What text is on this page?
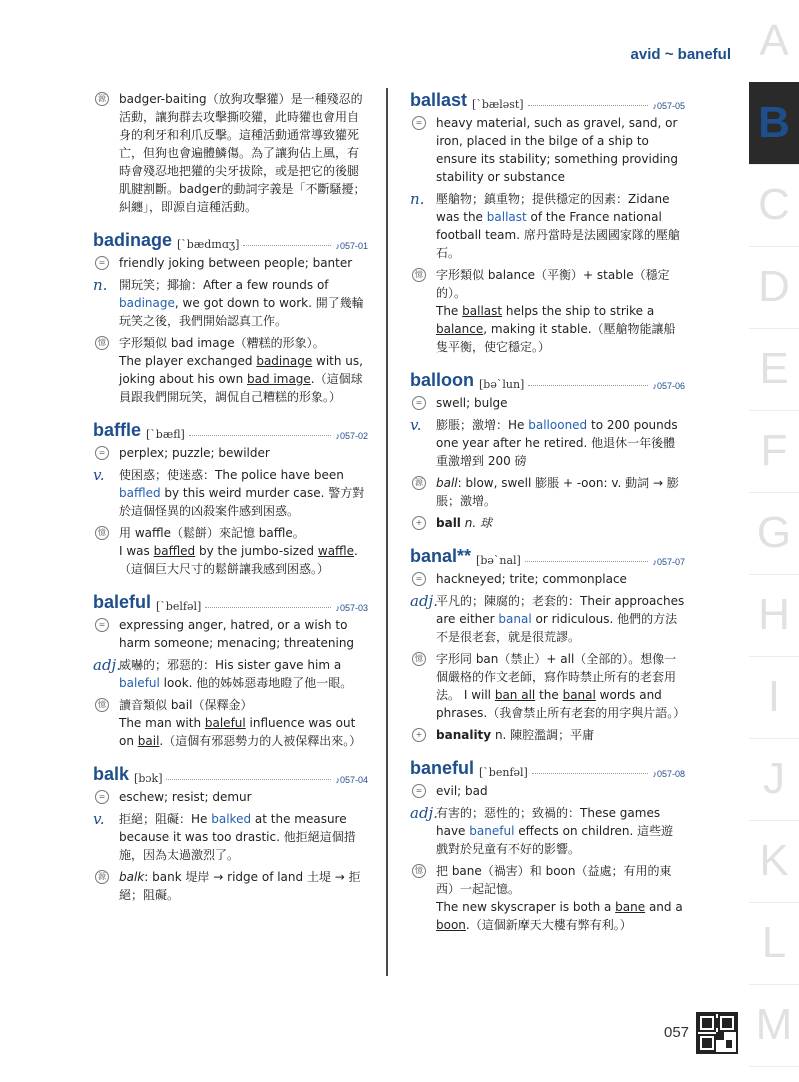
avid ~ baneful
源 badger-baiting（放狗攻擊獾）是一種殘忍的活動，讓狗群去攻擊撕咬獾，此時獾也會用自身的利牙和利爪反擊。這種活動通常導致獾死亡，但狗也會遍體鱗傷。為了讓狗佔上風，有時會殘忍地把獾的尖牙拔除，或是把它的後腿肌腱割斷。badger的動詞字義是「不斷騷擾；糾纏」，即源自這種活動。
badinage [ˋbædɪnɑʒ]	♪057-01
=	friendly joking between people; banter
n. 開玩笑；揶揄：After a few rounds of badinage, we got down to work. 開了幾輪玩笑之後，我們開始認真工作。
憶 字形類似 bad image（糟糕的形象）。
The player exchanged badinage with us, joking about his own bad image.（這個球員跟我們開玩笑，調侃自己糟糕的形象。）
baffle [ˋbæfl]	♪057-02
=	perplex; puzzle; bewilder
v. 使困惑；使迷惑：The police have been baffled by this weird murder case. 警方對於這個怪異的凶殺案件感到困惑。
憶 用 waffle（鬆餅）來記憶 baffle。
I was baffled by the jumbo-sized waffle.（這個巨大尺寸的鬆餅讓我感到困惑。）
baleful [ˋbelfəl]	♪057-03
=	expressing anger, hatred, or a wish to harm someone; menacing; threatening
adj.
威嚇的；邪惡的：His sister gave him a baleful look. 他的姊姊惡毒地瞪了他一眼。
憶 讀音類似 bail（保釋金）
The man with baleful influence was out on bail.（這個有邪惡勢力的人被保釋出來。）
balk [bɔk]	♪057-04
=	eschew; resist; demur
v. 拒絕；阻礙：He balked at the measure because it was too drastic. 他拒絕這個措施，因為太過激烈了。
源 balk: bank 堤岸 → ridge of land 土堤 → 拒絕；阻礙。
ballast [ˋbæləst]	♪057-05
=	heavy material, such as gravel, sand, or iron, placed in the bilge of a ship to ensure its stability; something providing stability or substance
n. 壓艙物；鎮重物；提供穩定的因素：Zidane was the ballast of the France national football team. 席丹當時是法國國家隊的壓艙石。
憶 字形類似 balance（平衡）+ stable（穩定的）。
The ballast helps the ship to strike a balance, making it stable.（壓艙物能讓船隻平衡，使它穩定。）
balloon [bəˋlun]	♪057-06
=	swell; bulge
v. 膨脹；激增：He ballooned to 200 pounds one year after he retired. 他退休一年後體重激增到 200 磅
源 ball: blow, swell 膨脹 + -oon: v. 動詞 → 膨脹；激增。
+	ball n. 球
banal** [bəˋnal]	♪057-07
=	hackneyed; trite; commonplace
adj.
平凡的；陳腐的；老套的：Their approaches are either banal or ridiculous. 他們的方法不是很老套，就是很荒謬。
憶 字形同 ban（禁止）+ all（全部的）。想像一個嚴格的作文老師，寫作時禁止所有的老套用法。 I will ban all the banal words and phrases.（我會禁止所有老套的用字與片語。）
+	banality n. 陳腔濫調；平庸
baneful [ˋbenfəl]	♪057-08
=	evil; bad
adj.
有害的；惡性的；致禍的：These games have baneful effects on children. 這些遊戲對於兒童有不好的影響。
憶 把 bane（禍害）和 boon（益處；有用的東西）一起記憶。
The new skyscraper is both a bane and a boon.（這個新摩天大樓有弊有利。）
A
B
C
D
E
F
G
H
I
J
K
L
M
057
